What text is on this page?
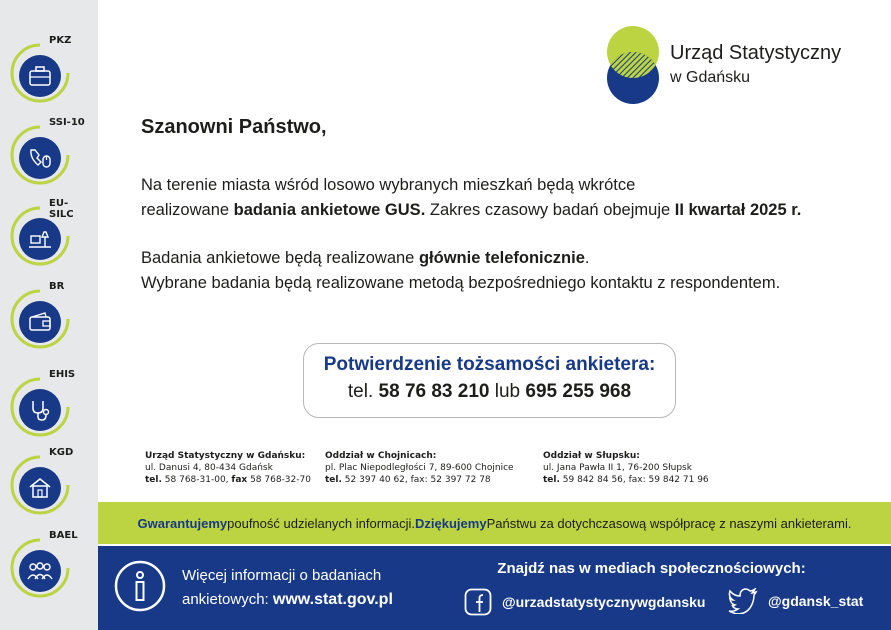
PKZ
SSI-10
EU-SILC
BR
EHIS
KGD
BAEL
Urząd Statystyczny
w Gdańsku
Szanowni Państwo,
Na terenie miasta wśród losowo wybranych mieszkań będą wkrótce
realizowane badania ankietowe GUS. Zakres czasowy badań obejmuje II kwartał 2025 r.
Badania ankietowe będą realizowane głównie telefonicznie.
Wybrane badania będą realizowane metodą bezpośredniego kontaktu z respondentem.
Potwierdzenie tożsamości ankietera:
tel. 58 76 83 210 lub 695 255 968
Urząd Statystyczny w Gdańsku:
ul. Danusi 4, 80-434 Gdańsk
tel. 58 768-31-00, fax 58 768-32-70
Oddział w Chojnicach:
pl. Plac Niepodległości 7, 89-600 Chojnice
tel. 52 397 40 62, fax: 52 397 72 78
Oddział w Słupsku:
ul. Jana Pawła II 1, 76-200 Słupsk
tel. 59 842 84 56, fax: 59 842 71 96
Gwarantujemy poufność udzielanych informacji. Dziękujemy Państwu za dotychczasową współpracę z naszymi ankieterami.
Więcej informacji o badaniach
ankietowych: www.stat.gov.pl
Znajdź nas w mediach społecznościowych:
@urzadstatystycznywgdansku	@gdansk_stat
